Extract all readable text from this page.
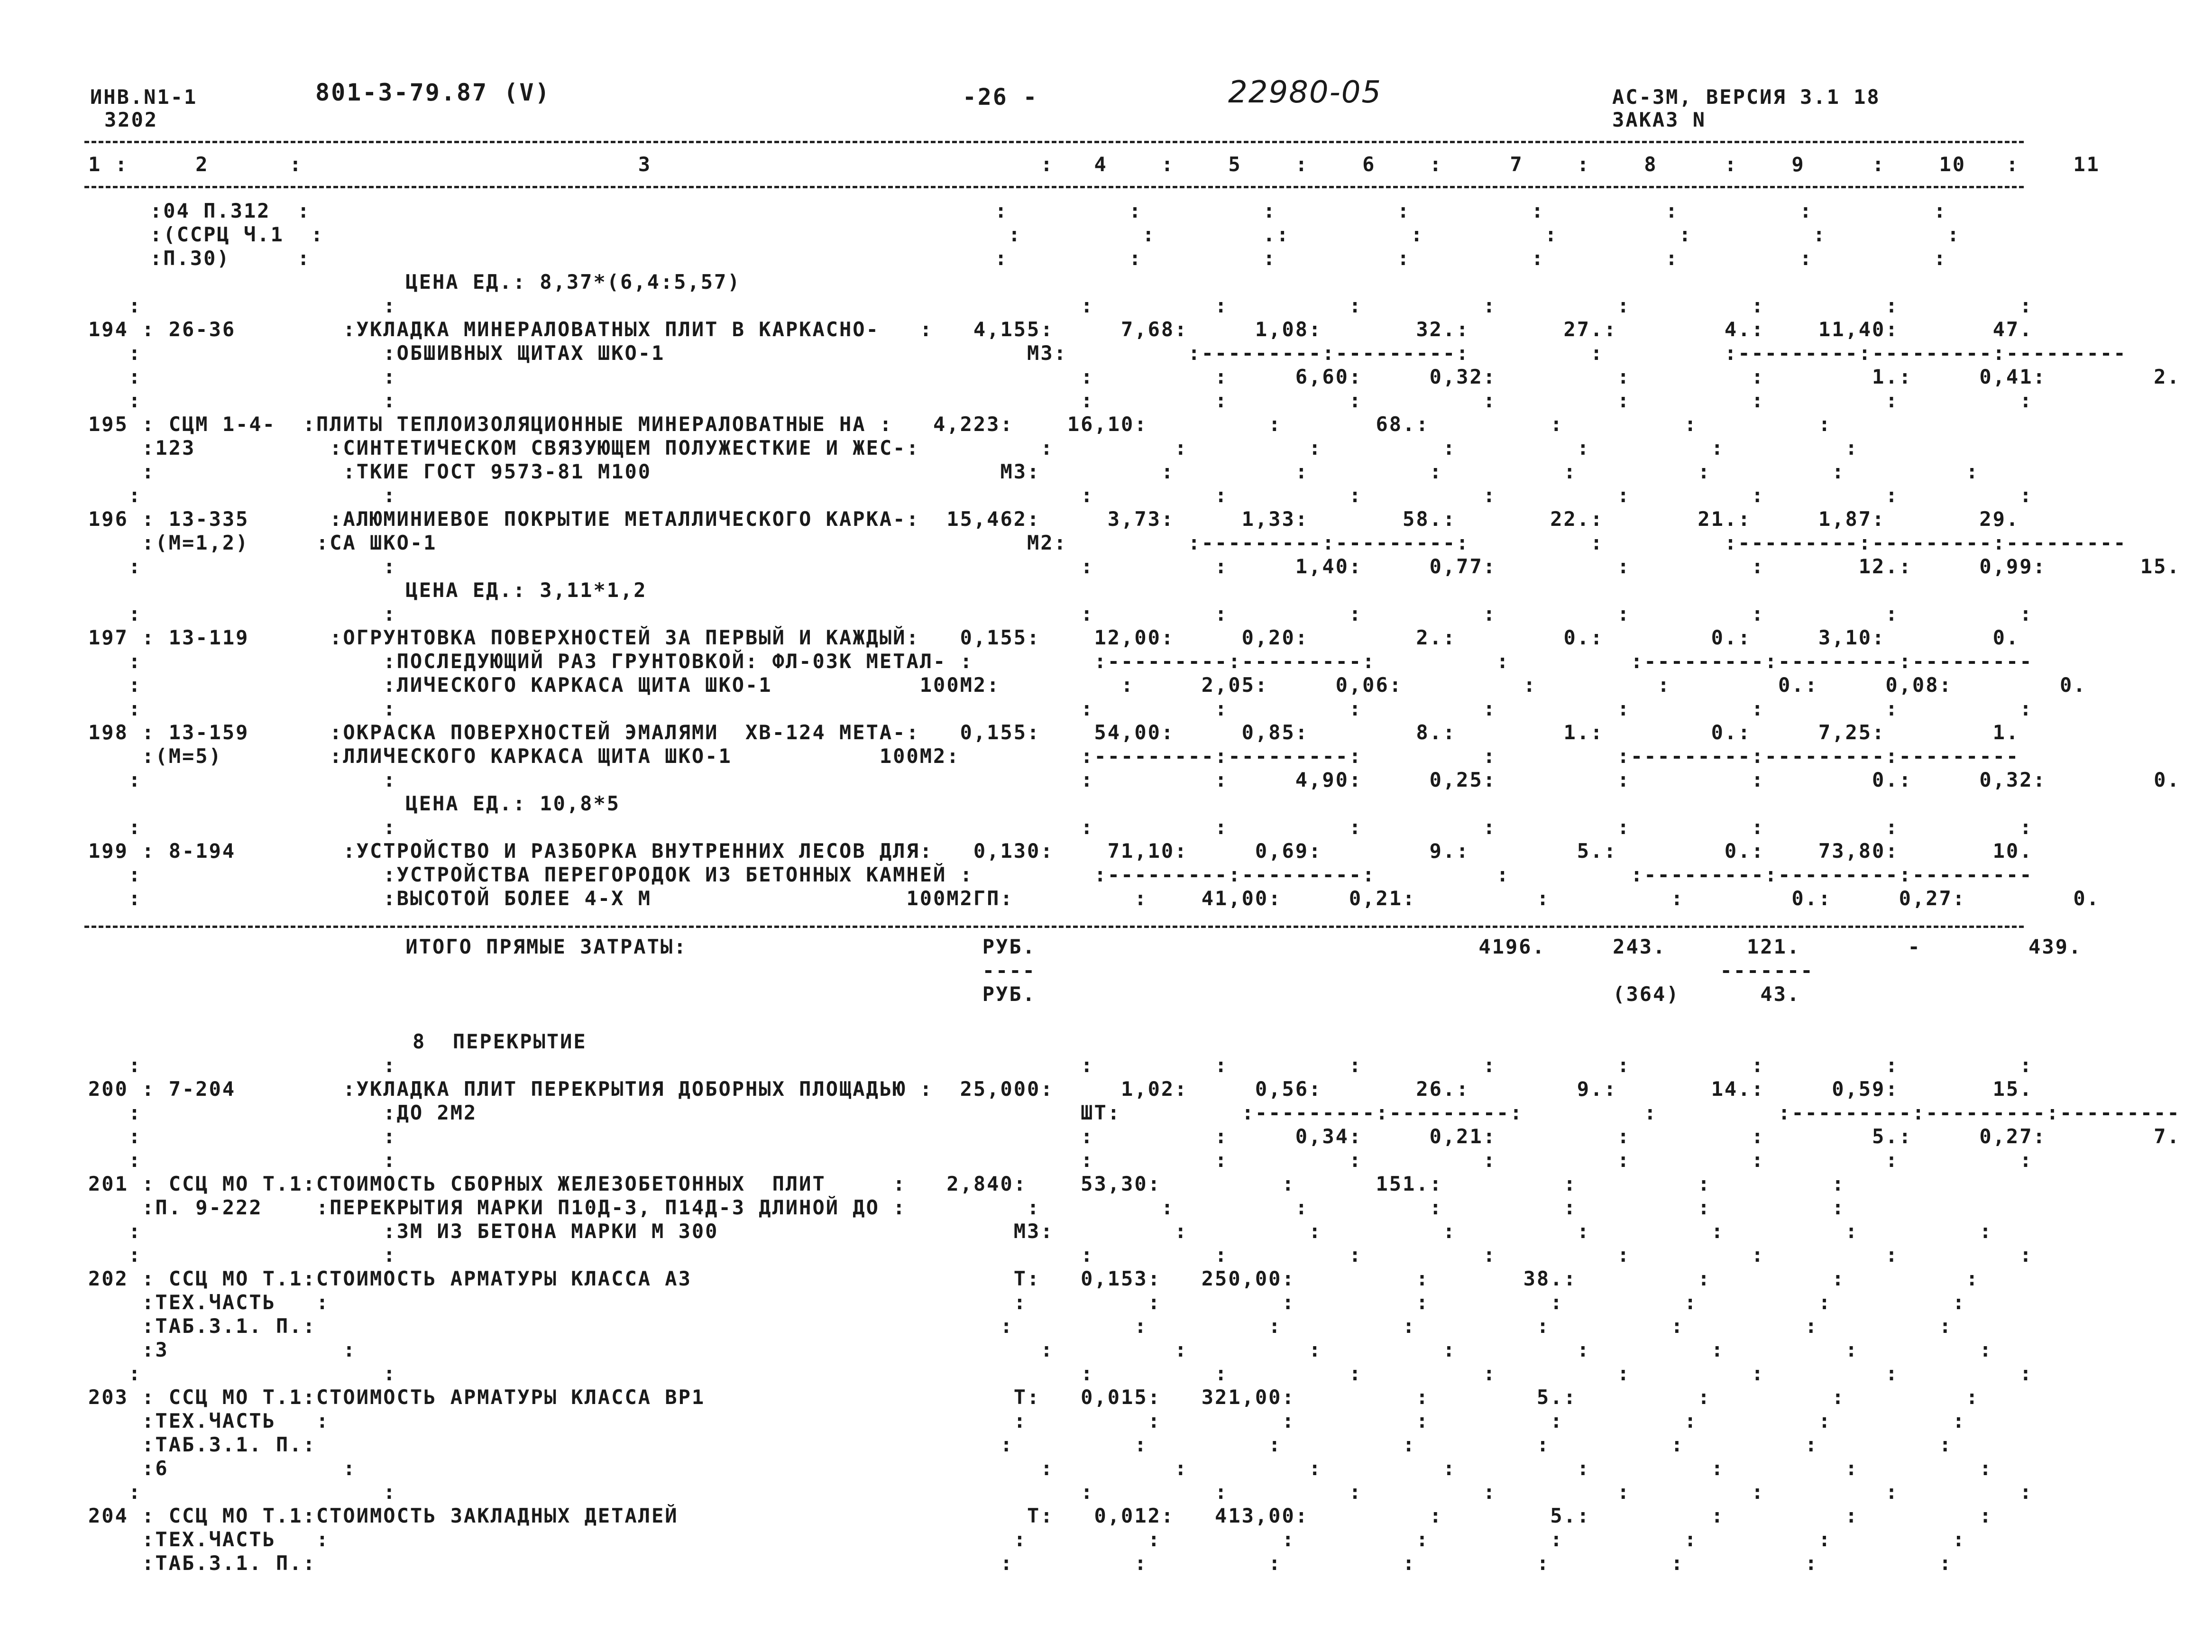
ИНВ.N1-1
3202
801-3-79.87 (V)	-26 -	22980-05	АС-3М, ВЕРСИЯ 3.1 18
ЗАКАЗ N
1 :     2      :                         3                             :   4    :    5    :    6    :     7    :    8     :    9     :    10   :    11
:04 П.312  :                                                   :         :         :         :         :         :         :         :
:(ССРЦ Ч.1  :                                                   :         :        .:         :         :         :         :         :
:П.30)     :                                                   :         :         :         :         :         :         :         :
ЦЕНА ЕД.: 8,37*(6,4:5,57)
:                  :                                                   :         :         :         :         :         :         :         :
194 : 26-36        :УКЛАДКА МИНЕРАЛОВАТНЫХ ПЛИТ В КАРКАСНО-   :   4,155:     7,68:     1,08:       32.:       27.:        4.:    11,40:       47.
:                  :ОБШИВНЫХ ЩИТАХ ШКО-1                           М3:         :---------:---------:         :         :---------:---------:---------
:                  :                                                   :         :     6,60:     0,32:         :         :        1.:     0,41:        2.
:                  :                                                   :         :         :         :         :         :         :         :
195 : СЦМ 1-4-  :ПЛИТЫ ТЕПЛОИЗОЛЯЦИОННЫЕ МИНЕРАЛОВАТНЫЕ НА :   4,223:    16,10:         :       68.:         :         :         :
:123          :СИНТЕТИЧЕСКОМ СВЯЗУЮЩЕМ ПОЛУЖЕСТКИЕ И ЖЕС-:         :         :         :         :         :         :         :
:              :ТКИЕ ГОСТ 9573-81 М100                          М3:         :         :         :         :         :         :         :
:                  :                                                   :         :         :         :         :         :         :         :
196 : 13-335      :АЛЮМИНИЕВОЕ ПОКРЫТИЕ МЕТАЛЛИЧЕСКОГО КАРКА-:  15,462:     3,73:     1,33:       58.:       22.:       21.:     1,87:       29.
:(М=1,2)     :СА ШКО-1                                            М2:         :---------:---------:         :         :---------:---------:---------
:                  :                                                   :         :     1,40:     0,77:         :         :       12.:     0,99:       15.
ЦЕНА ЕД.: 3,11*1,2
:                  :                                                   :         :         :         :         :         :         :         :
197 : 13-119      :ОГРУНТОВКА ПОВЕРХНОСТЕЙ ЗА ПЕРВЫЙ И КАЖДЫЙ:   0,155:    12,00:     0,20:        2.:        0.:        0.:     3,10:        0.
:                  :ПОСЛЕДУЮЩИЙ РАЗ ГРУНТОВКОЙ: ФЛ-03К МЕТАЛ- :         :---------:---------:         :         :---------:---------:---------
:                  :ЛИЧЕСКОГО КАРКАСА ЩИТА ШКО-1           100М2:         :     2,05:     0,06:         :         :        0.:     0,08:        0.
:                  :                                                   :         :         :         :         :         :         :         :
198 : 13-159      :ОКРАСКА ПОВЕРХНОСТЕЙ ЭМАЛЯМИ  ХВ-124 МЕТА-:   0,155:    54,00:     0,85:        8.:        1.:        0.:     7,25:        1.
:(М=5)        :ЛЛИЧЕСКОГО КАРКАСА ЩИТА ШКО-1           100М2:         :---------:---------:         :         :---------:---------:---------
:                  :                                                   :         :     4,90:     0,25:         :         :        0.:     0,32:        0.
ЦЕНА ЕД.: 10,8*5
:                  :                                                   :         :         :         :         :         :         :         :
199 : 8-194        :УСТРОЙСТВО И РАЗБОРКА ВНУТРЕННИХ ЛЕСОВ ДЛЯ:   0,130:    71,10:     0,69:        9.:        5.:        0.:    73,80:       10.
:                  :УСТРОЙСТВА ПЕРЕГОРОДОК ИЗ БЕТОННЫХ КАМНЕЙ :         :---------:---------:         :         :---------:---------:---------
:                  :ВЫСОТОЙ БОЛЕЕ 4-Х М                   100М2ГП:         :    41,00:     0,21:         :         :        0.:     0,27:        0.
ИТОГО ПРЯМЫЕ ЗАТРАТЫ:                      РУБ.                                 4196.     243.      121.        -        439.
----                                                   -------
РУБ.                                           (364)      43.
8  ПЕРЕКРЫТИЕ
:                  :                                                   :         :         :         :         :         :         :         :
200 : 7-204        :УКЛАДКА ПЛИТ ПЕРЕКРЫТИЯ ДОБОРНЫХ ПЛОЩАДЬЮ :  25,000:     1,02:     0,56:       26.:        9.:       14.:     0,59:       15.
:                  :ДО 2М2                                             ШТ:         :---------:---------:         :         :---------:---------:---------
:                  :                                                   :         :     0,34:     0,21:         :         :        5.:     0,27:        7.
:                  :                                                   :         :         :         :         :         :         :         :
201 : ССЦ МО Т.1:СТОИМОСТЬ СБОРНЫХ ЖЕЛЕЗОБЕТОННЫХ  ПЛИТ     :   2,840:    53,30:         :      151.:         :         :         :
:П. 9-222    :ПЕРЕКРЫТИЯ МАРКИ П10Д-3, П14Д-3 ДЛИНОЙ ДО :         :         :         :         :         :         :         :
:                  :3М ИЗ БЕТОНА МАРКИ М 300                      М3:         :         :         :         :         :         :         :
:                  :                                                   :         :         :         :         :         :         :         :
202 : ССЦ МО Т.1:СТОИМОСТЬ АРМАТУРЫ КЛАССА А3                        Т:   0,153:   250,00:         :       38.:         :         :         :
:ТЕХ.ЧАСТЬ   :                                                   :         :         :         :         :         :         :         :
:ТАБ.3.1. П.:                                                   :         :         :         :         :         :         :         :
:3             :                                                   :         :         :         :         :         :         :         :
:                  :                                                   :         :         :         :         :         :         :         :
203 : ССЦ МО Т.1:СТОИМОСТЬ АРМАТУРЫ КЛАССА ВР1                       Т:   0,015:   321,00:         :        5.:         :         :         :
:ТЕХ.ЧАСТЬ   :                                                   :         :         :         :         :         :         :         :
:ТАБ.3.1. П.:                                                   :         :         :         :         :         :         :         :
:6             :                                                   :         :         :         :         :         :         :         :
:                  :                                                   :         :         :         :         :         :         :         :
204 : ССЦ МО Т.1:СТОИМОСТЬ ЗАКЛАДНЫХ ДЕТАЛЕЙ                          Т:   0,012:   413,00:         :        5.:         :         :         :
:ТЕХ.ЧАСТЬ   :                                                   :         :         :         :         :         :         :         :
:ТАБ.3.1. П.:                                                   :         :         :         :         :         :         :         :
